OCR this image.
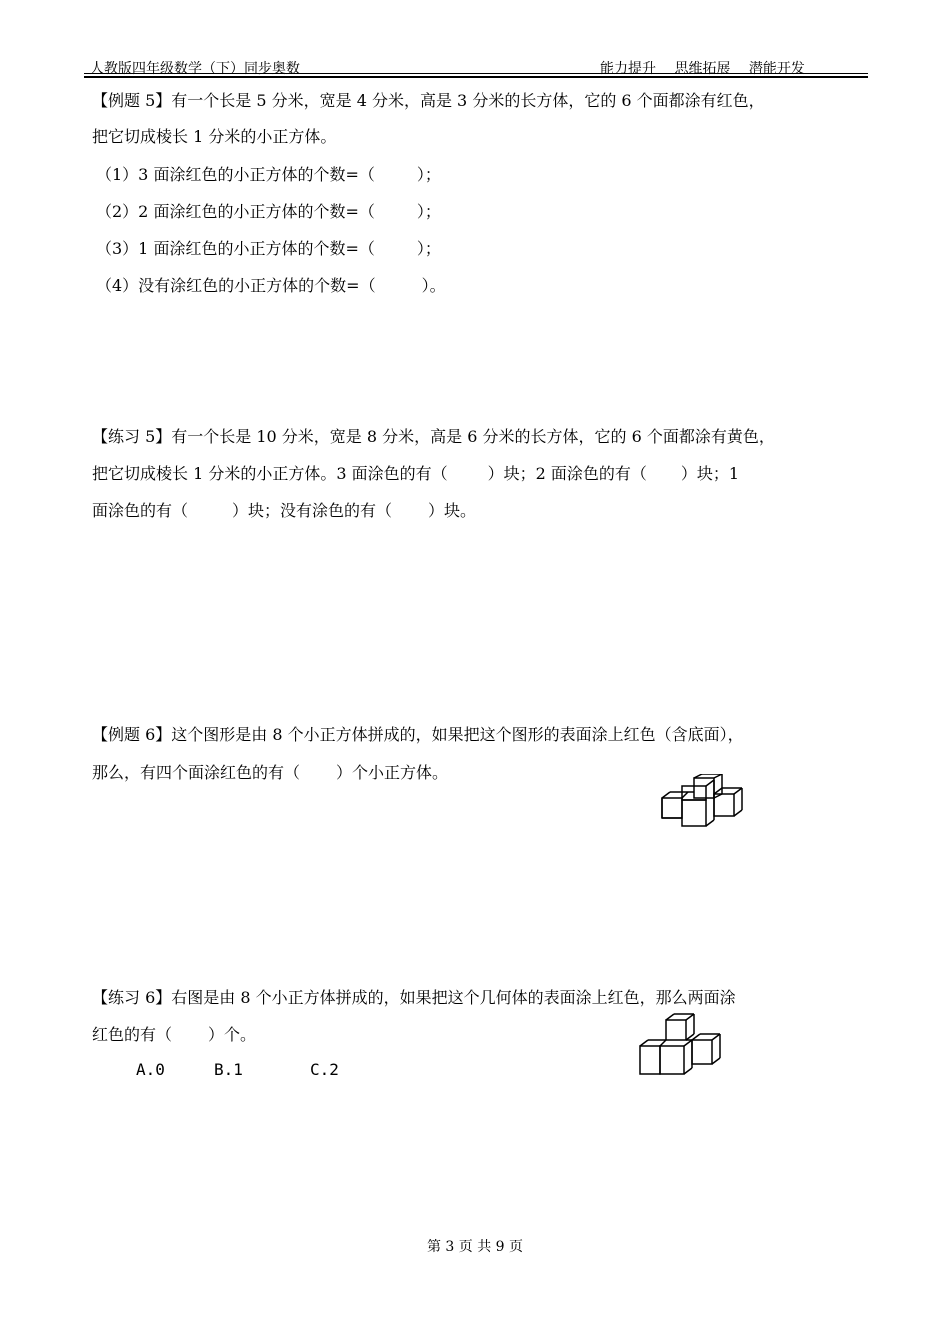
人教版四年级数学（下）同步奥数	能力提升 思维拓展 潜能开发
【例题 5】有一个长是 5 分米，宽是 4 分米，高是 3 分米的长方体，它的 6 个面都涂有红色，
把它切成棱长 1 分米的小正方体。
（1）3 面涂红色的小正方体的个数=（	）；
（2）2 面涂红色的小正方体的个数=（	）；
（3）1 面涂红色的小正方体的个数=（	）；
（4）没有涂红色的小正方体的个数=（	）。
【练习 5】有一个长是 10 分米，宽是 8 分米，高是 6 分米的长方体，它的 6 个面都涂有黄色，
把它切成棱长 1 分米的小正方体。3 面涂色的有（	）块；2 面涂色的有（ ）块；1
面涂色的有（	）块；没有涂色的有（ ）块。
【例题 6】这个图形是由 8 个小正方体拼成的，如果把这个图形的表面涂上红色（含底面），
那么，有四个面涂红色的有（ ）个小正方体。
【练习 6】右图是由 8 个小正方体拼成的，如果把这个几何体的表面涂上红色，那么两面涂
红色的有（ ）个。
A.0	B.1	C.2
第 3 页 共 9 页
